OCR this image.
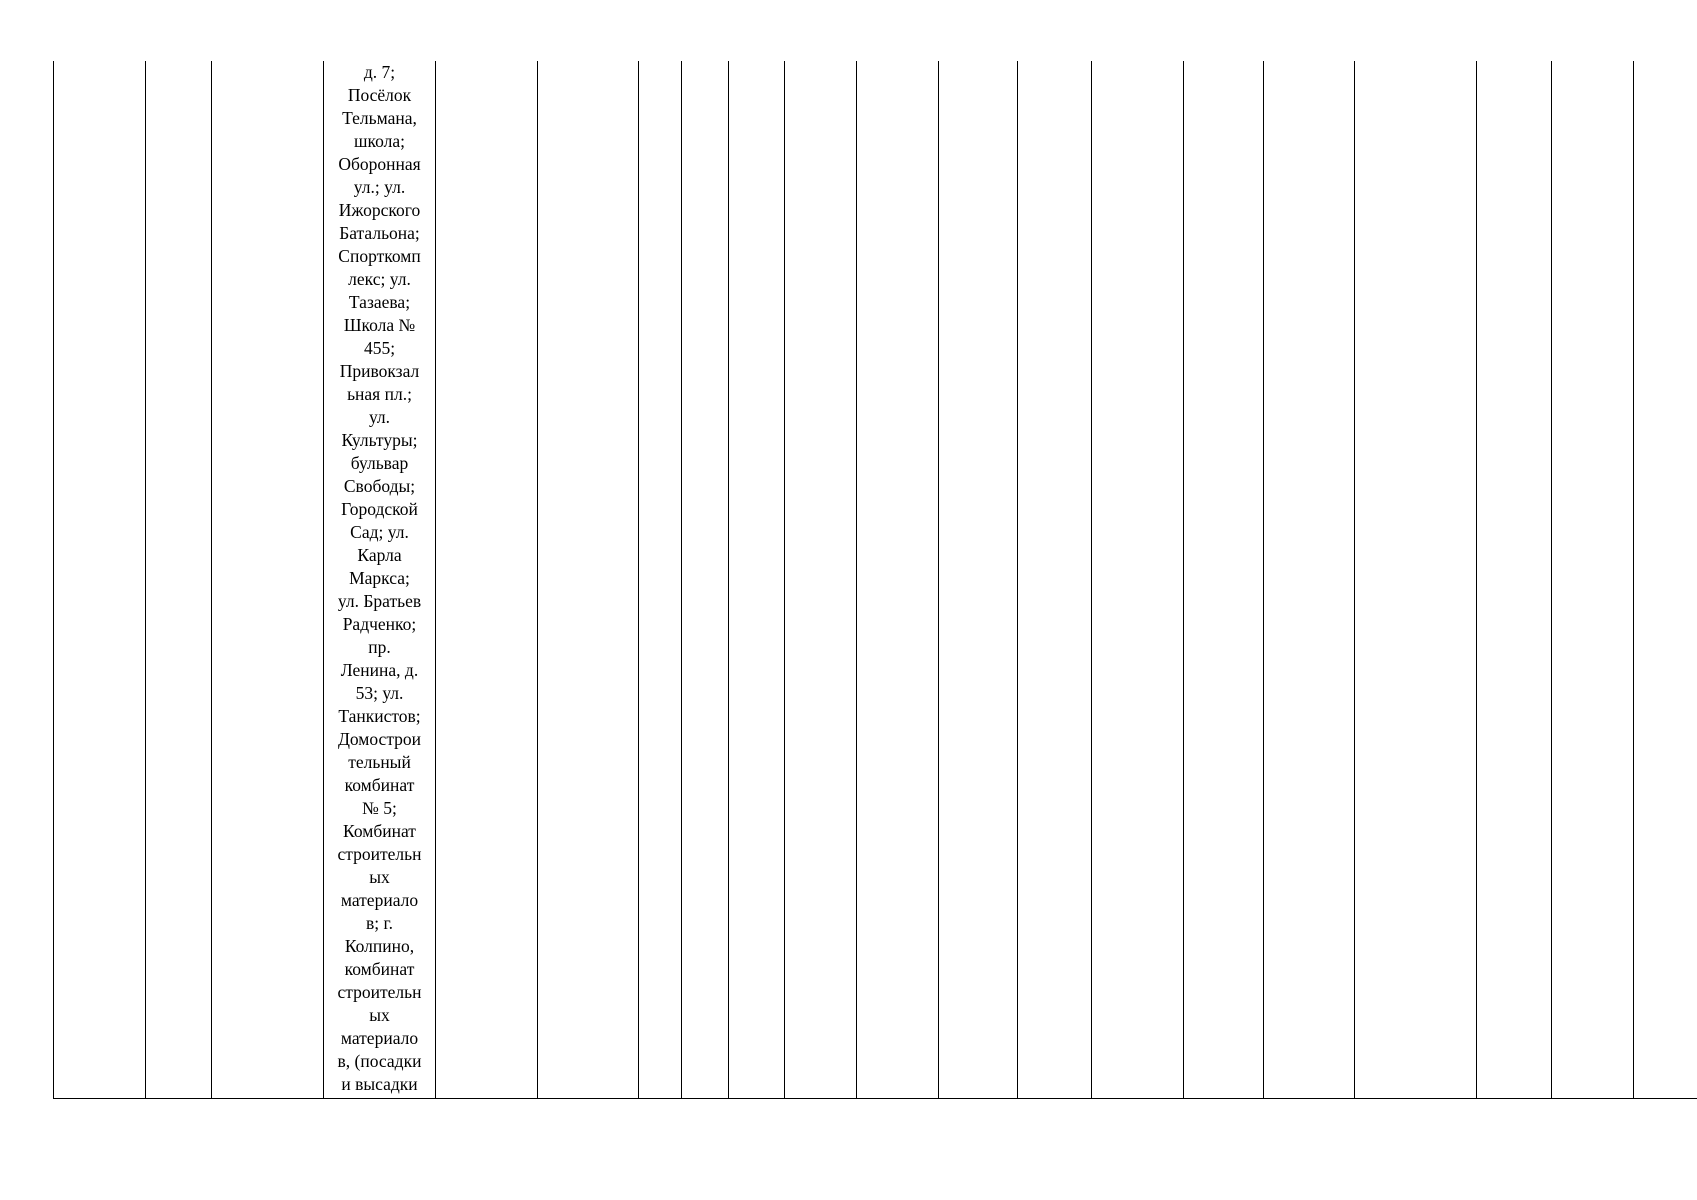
д. 7;
Посёлок
Тельмана,
школа;
Оборонная
ул.; ул.
Ижорского
Батальона;
Спорткомп
лекс; ул.
Тазаева;
Школа №
455;
Привокзал
ьная пл.;
ул.
Культуры;
бульвар
Свободы;
Городской
Сад; ул.
Карла
Маркса;
ул. Братьев
Радченко;
пр.
Ленина, д.
53; ул.
Танкистов;
Домострои
тельный
комбинат
№ 5;
Комбинат
строительн
ых
материало
в; г.
Колпино,
комбинат
строительн
ых
материало
в, (посадки
и высадки
